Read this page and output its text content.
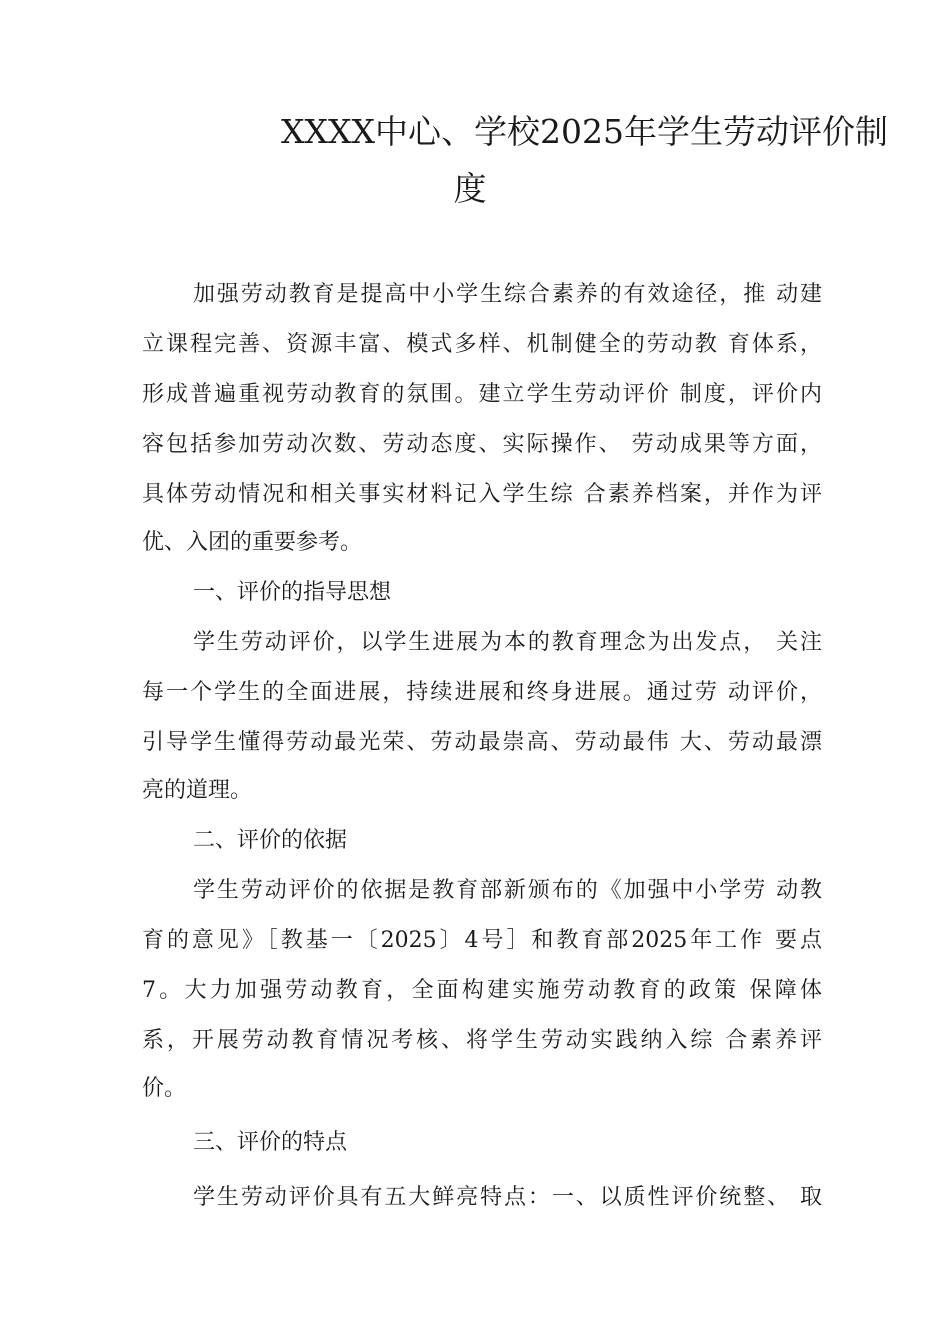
XXXX中心、学校2025年学生劳动评价制
度

加强劳动教育是提高中小学生综合素养的有效途径，推 动建

立课程完善、资源丰富、模式多样、机制健全的劳动教 育体系，

形成普遍重视劳动教育的氛围。建立学生劳动评价 制度，评价内

容包括参加劳动次数、劳动态度、实际操作、 劳动成果等方面，

具体劳动情况和相关事实材料记入学生综 合素养档案，并作为评

优、入团的重要参考。

一、评价的指导思想

学生劳动评价，以学生进展为本的教育理念为出发点， 关注

每一个学生的全面进展，持续进展和终身进展。通过劳 动评价，

引导学生懂得劳动最光荣、劳动最崇高、劳动最伟 大、劳动最漂

亮的道理。

二、评价的依据

学生劳动评价的依据是教育部新颁布的《加强中小学劳 动教

育的意见》［教基一〔2025〕4号］和教育部2025年工作 要点

7。大力加强劳动教育，全面构建实施劳动教育的政策 保障体

系，开展劳动教育情况考核、将学生劳动实践纳入综 合素养评

价。

三、评价的特点

学生劳动评价具有五大鲜亮特点：一、以质性评价统整、 取
